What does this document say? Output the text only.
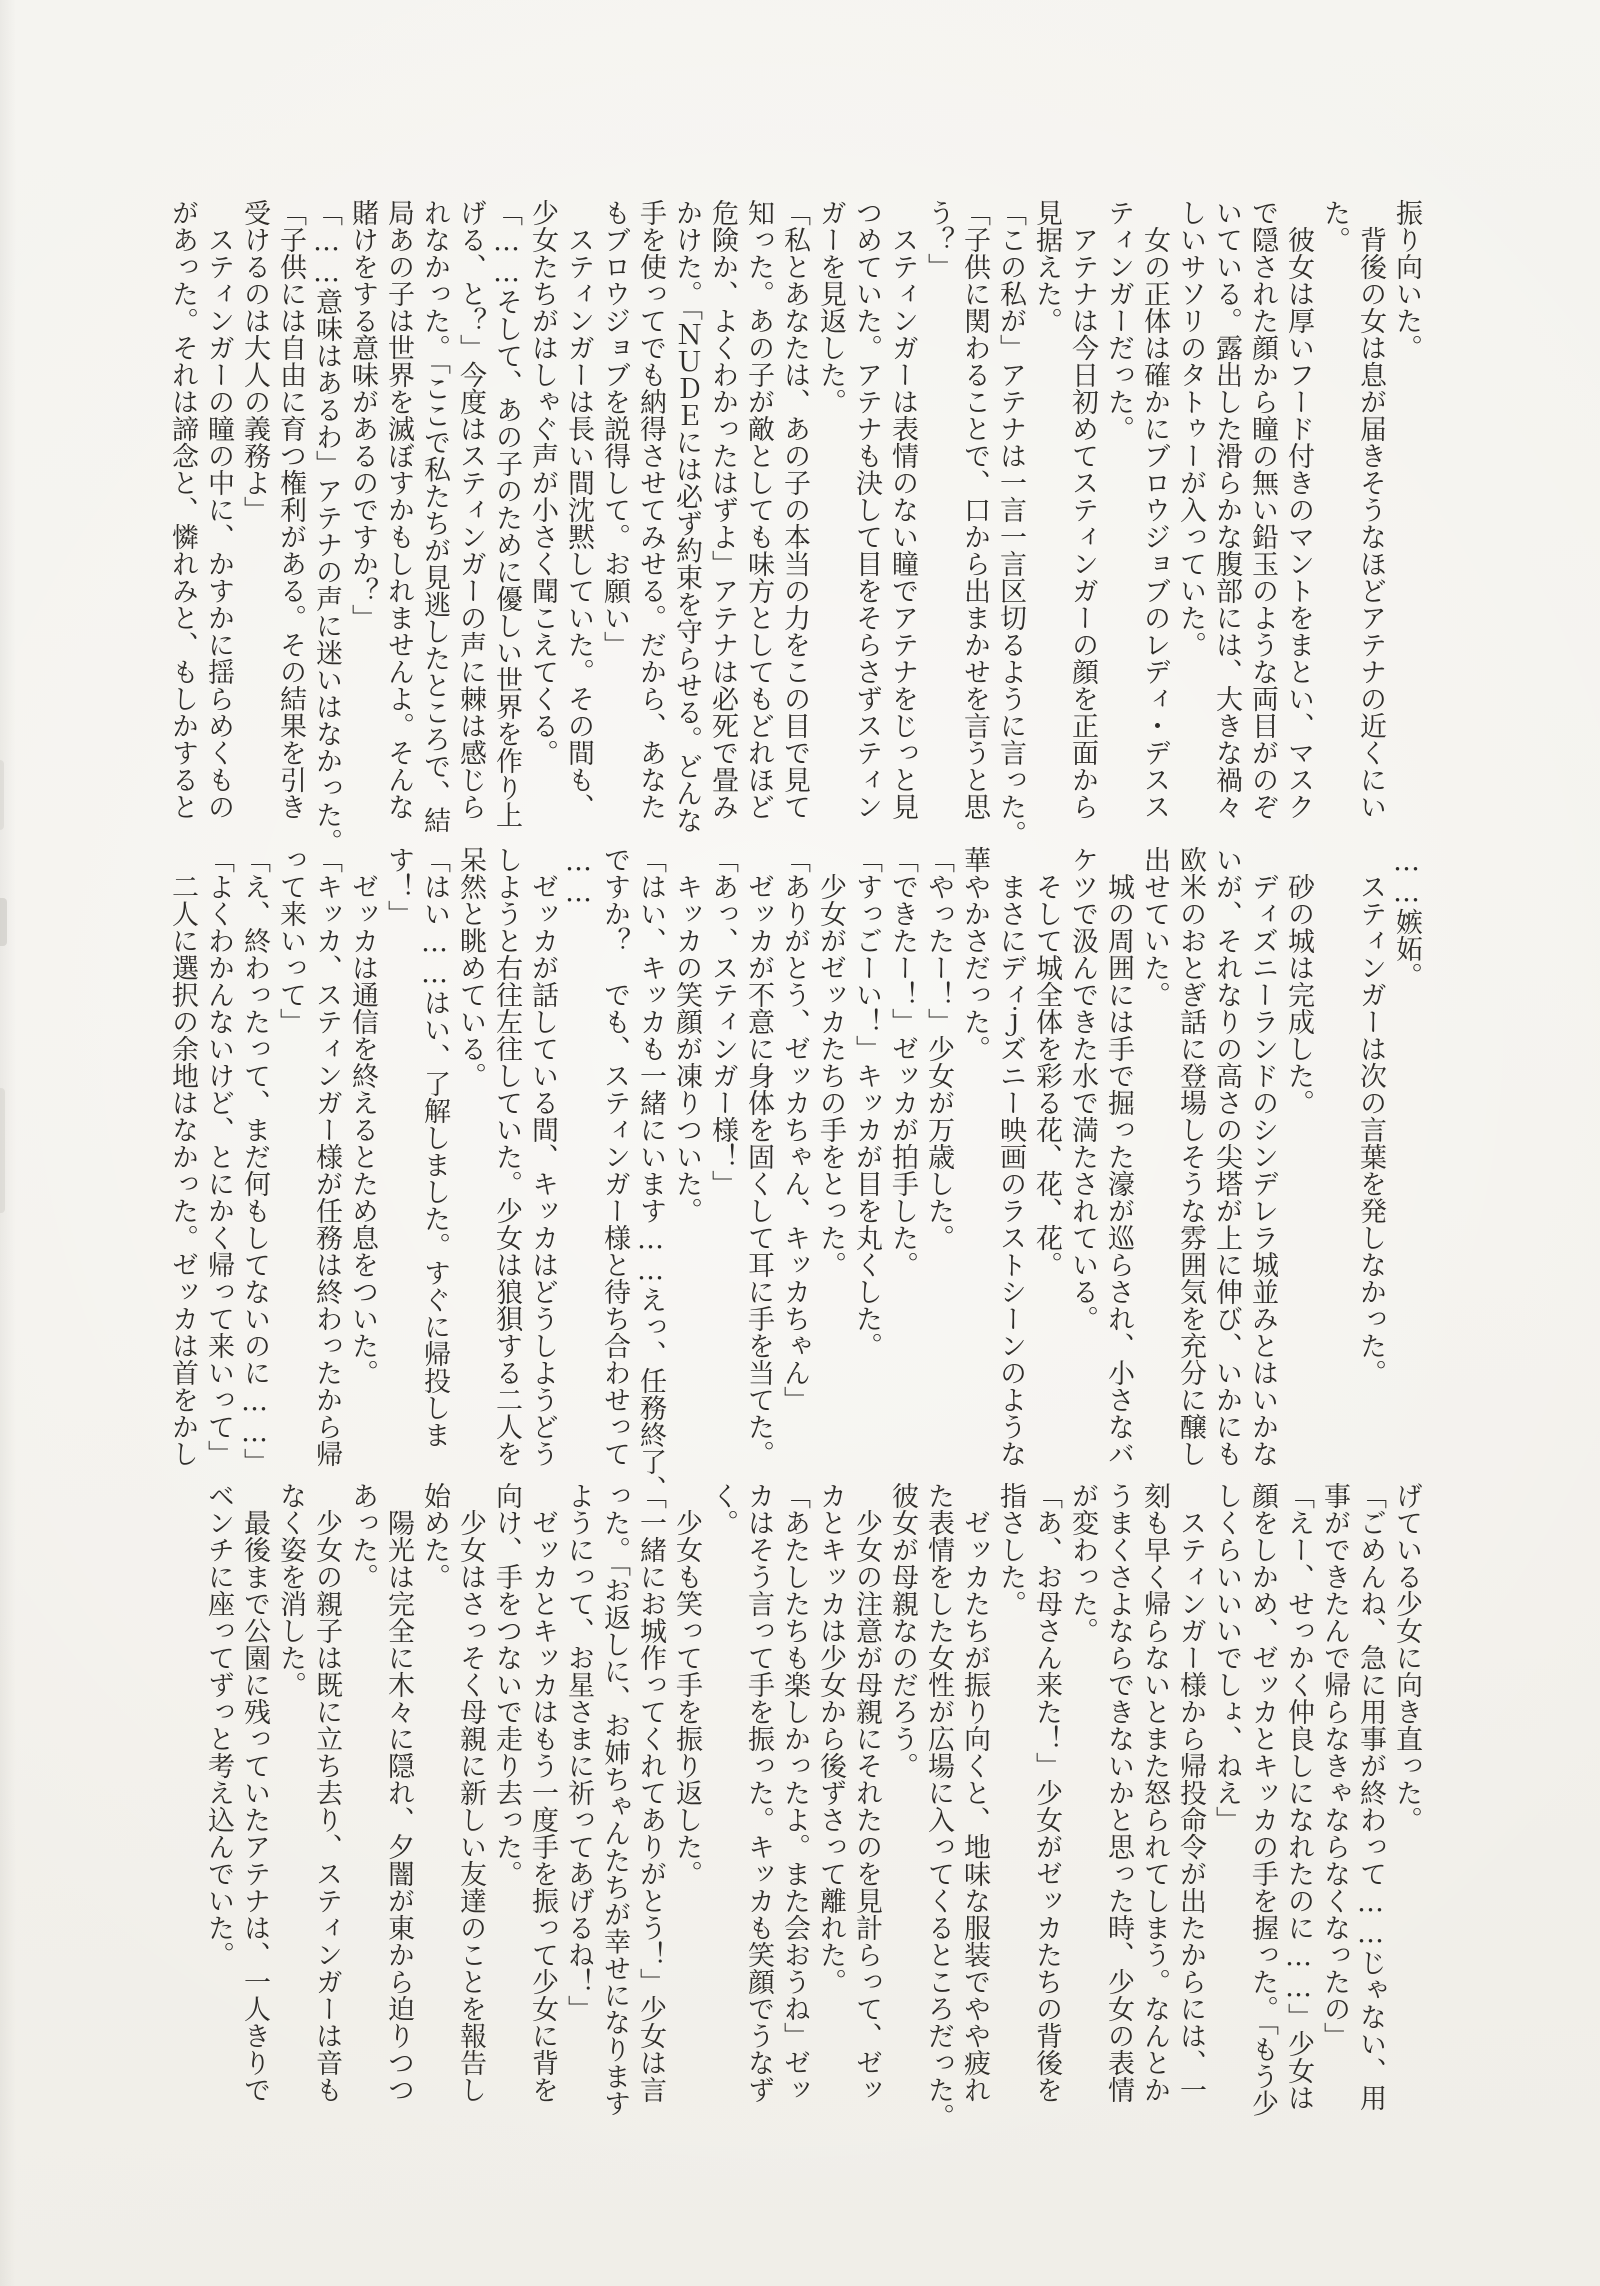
振り向いた。

　背後の女は息が届きそうなほどアテナの近くにい

た。

　彼女は厚いフード付きのマントをまとい、マスク

で隠された顔から瞳の無い鉛玉のような両目がのぞ

いている。露出した滑らかな腹部には、大きな禍々

しいサソリのタトゥーが入っていた。

　女の正体は確かにブロウジョブのレディ・デスス

ティンガーだった。

　アテナは今日初めてスティンガーの顔を正面から

見据えた。

「この私が」アテナは一言一言区切るように言った。

「子供に関わることで、口から出まかせを言うと思

う？」

　スティンガーは表情のない瞳でアテナをじっと見

つめていた。アテナも決して目をそらさずスティン

ガーを見返した。

「私とあなたは、あの子の本当の力をこの目で見て

知った。あの子が敵としても味方としてもどれほど

危険か、よくわかったはずよ」アテナは必死で畳み

かけた。「ＮＵＤＥには必ず約束を守らせる。どんな

手を使ってでも納得させてみせる。だから、あなた

もブロウジョブを説得して。お願い」

　スティンガーは長い間沈黙していた。その間も、

少女たちがはしゃぐ声が小さく聞こえてくる。

「……そして、あの子のために優しい世界を作り上

げる、と？」今度はスティンガーの声に棘は感じら

れなかった。「ここで私たちが見逃したところで、結

局あの子は世界を滅ぼすかもしれませんよ。そんな

賭けをする意味があるのですか？」

「……意味はあるわ」アテナの声に迷いはなかった。

「子供には自由に育つ権利がある。その結果を引き

受けるのは大人の義務よ」

　スティンガーの瞳の中に、かすかに揺らめくもの

があった。それは諦念と、憐れみと、もしかすると

……嫉妬。

　スティンガーは次の言葉を発しなかった。

　砂の城は完成した。

　ディズニーランドのシンデレラ城並みとはいかな

いが、それなりの高さの尖塔が上に伸び、いかにも

欧米のおとぎ話に登場しそうな雰囲気を充分に醸し

出せていた。

　城の周囲には手で掘った濠が巡らされ、小さなバ

ケツで汲んできた水で満たされている。

　そして城全体を彩る花、花、花。

　まさにディｊズニー映画のラストシーンのような

華やかさだった。

「やったー！」少女が万歳した。

「できたー！」ゼッカが拍手した。

「すっごーい！」キッカが目を丸くした。

　少女がゼッカたちの手をとった。

「ありがとう、ゼッカちゃん、キッカちゃん」

　ゼッカが不意に身体を固くして耳に手を当てた。

「あっ、スティンガー様！」

　キッカの笑顔が凍りついた。

「はい、キッカも一緒にいます……えっ、任務終了、

ですか？　でも、スティンガー様と待ち合わせって

……

　ゼッカが話している間、キッカはどうしようどう

しようと右往左往していた。少女は狼狽する二人を

呆然と眺めている。

「はい……はい、了解しました。すぐに帰投しま

す！」

　ゼッカは通信を終えるとため息をついた。

「キッカ、スティンガー様が任務は終わったから帰

って来いって」

「え、終わったって、まだ何もしてないのに……」

「よくわかんないけど、とにかく帰って来いって」

　二人に選択の余地はなかった。ゼッカは首をかし

げている少女に向き直った。

「ごめんね、急に用事が終わって……じゃない、用

事ができたんで帰らなきゃならなくなったの」

「えー、せっかく仲良しになれたのに……」少女は

顔をしかめ、ゼッカとキッカの手を握った。「もう少

しくらいいいでしょ、ねえ」

　スティンガー様から帰投命令が出たからには、一

刻も早く帰らないとまた怒られてしまう。なんとか

うまくさよならできないかと思った時、少女の表情

が変わった。

「あ、お母さん来た！」少女がゼッカたちの背後を

指さした。

　ゼッカたちが振り向くと、地味な服装でやや疲れ

た表情をした女性が広場に入ってくるところだった。

彼女が母親なのだろう。

　少女の注意が母親にそれたのを見計らって、ゼッ

カとキッカは少女から後ずさって離れた。

「あたしたちも楽しかったよ。また会おうね」ゼッ

カはそう言って手を振った。キッカも笑顔でうなず

く。

　少女も笑って手を振り返した。

「一緒にお城作ってくれてありがとう！」少女は言

った。「お返しに、お姉ちゃんたちが幸せになります

ようにって、お星さまに祈ってあげるね！」

　ゼッカとキッカはもう一度手を振って少女に背を

向け、手をつないで走り去った。

　少女はさっそく母親に新しい友達のことを報告し

始めた。

　陽光は完全に木々に隠れ、夕闇が東から迫りつつ

あった。

　少女の親子は既に立ち去り、スティンガーは音も

なく姿を消した。

　最後まで公園に残っていたアテナは、一人きりで

ベンチに座ってずっと考え込んでいた。
